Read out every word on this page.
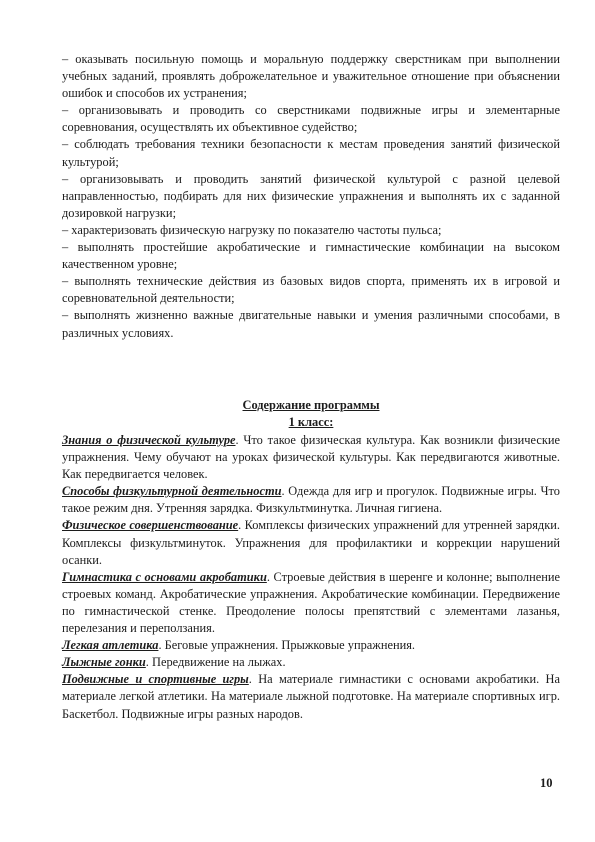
– оказывать посильную помощь и моральную поддержку сверстникам при выполнении учебных заданий, проявлять доброжелательное и уважительное отношение при объяснении ошибок и способов их устранения;

– организовывать и проводить со сверстниками подвижные игры и элементарные соревнования, осуществлять их объективное судейство;

– соблюдать требования техники безопасности к местам проведения занятий физической культурой;

– организовывать и проводить занятий физической культурой с разной целевой направленностью, подбирать для них физические упражнения и выполнять их с заданной дозировкой нагрузки;

– характеризовать физическую нагрузку по показателю частоты пульса;

– выполнять простейшие акробатические и гимнастические комбинации на высоком качественном уровне;

– выполнять технические действия из базовых видов спорта, применять их в игровой и соревновательной деятельности;

– выполнять жизненно важные двигательные навыки и умения различными способами, в различных условиях.

Содержание программы
1 класс:

Знания о физической культуре. Что такое физическая культура. Как возникли физические упражнения. Чему обучают на уроках физической культуры. Как передвигаются животные. Как передвигается человек.

Способы физкультурной деятельности. Одежда для игр и прогулок. Подвижные игры. Что такое режим дня. Утренняя зарядка. Физкультминутка. Личная гигиена.

Физическое совершенствование. Комплексы физических упражнений для утренней зарядки. Комплексы физкультминуток. Упражнения для профилактики и коррекции нарушений осанки.

Гимнастика с основами акробатики. Строевые действия в шеренге и колонне; выполнение строевых команд. Акробатические упражнения. Акробатические комбинации. Передвижение по гимнастической стенке. Преодоление полосы препятствий с элементами лазанья, перелезания и переползания.

Легкая атлетика. Беговые упражнения. Прыжковые упражнения.

Лыжные гонки. Передвижение на лыжах.

Подвижные и спортивные игры. На материале гимнастики с основами акробатики. На материале легкой атлетики. На материале лыжной подготовке. На материале спортивных игр. Баскетбол. Подвижные игры разных народов.

10
